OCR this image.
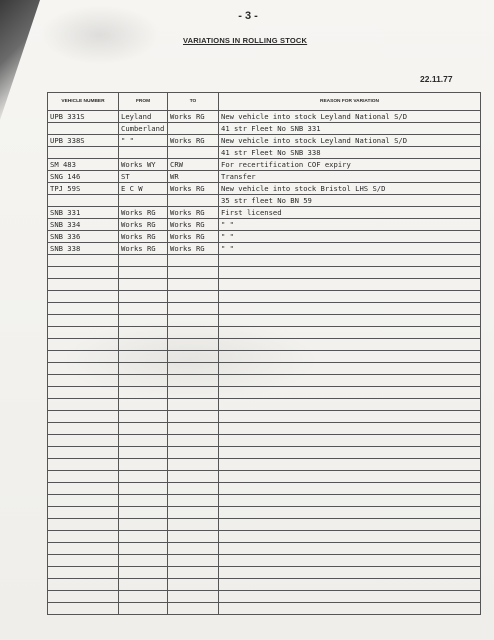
- 3 -
VARIATIONS IN ROLLING STOCK
22.11.77
VEHICLE NUMBER	FROM	TO	REASON FOR VARIATION
UPB 331S	Leyland	Works RG	New vehicle into stock Leyland National S/D
	Cumberland		41 str Fleet No SNB 331
UPB 338S	" "	Works RG	New vehicle into stock Leyland National S/D
			41 str Fleet No SNB 338
SM 483	Works WY	CRW	For recertification COF expiry
SNG 146	ST	WR	Transfer
TPJ 59S	E C W	Works RG	New vehicle into stock Bristol LHS S/D
			35 str fleet No BN 59
SNB 331	Works RG	Works RG	First licensed
SNB 334	Works RG	Works RG	" "
SNB 336	Works RG	Works RG	" "
SNB 338	Works RG	Works RG	" "
